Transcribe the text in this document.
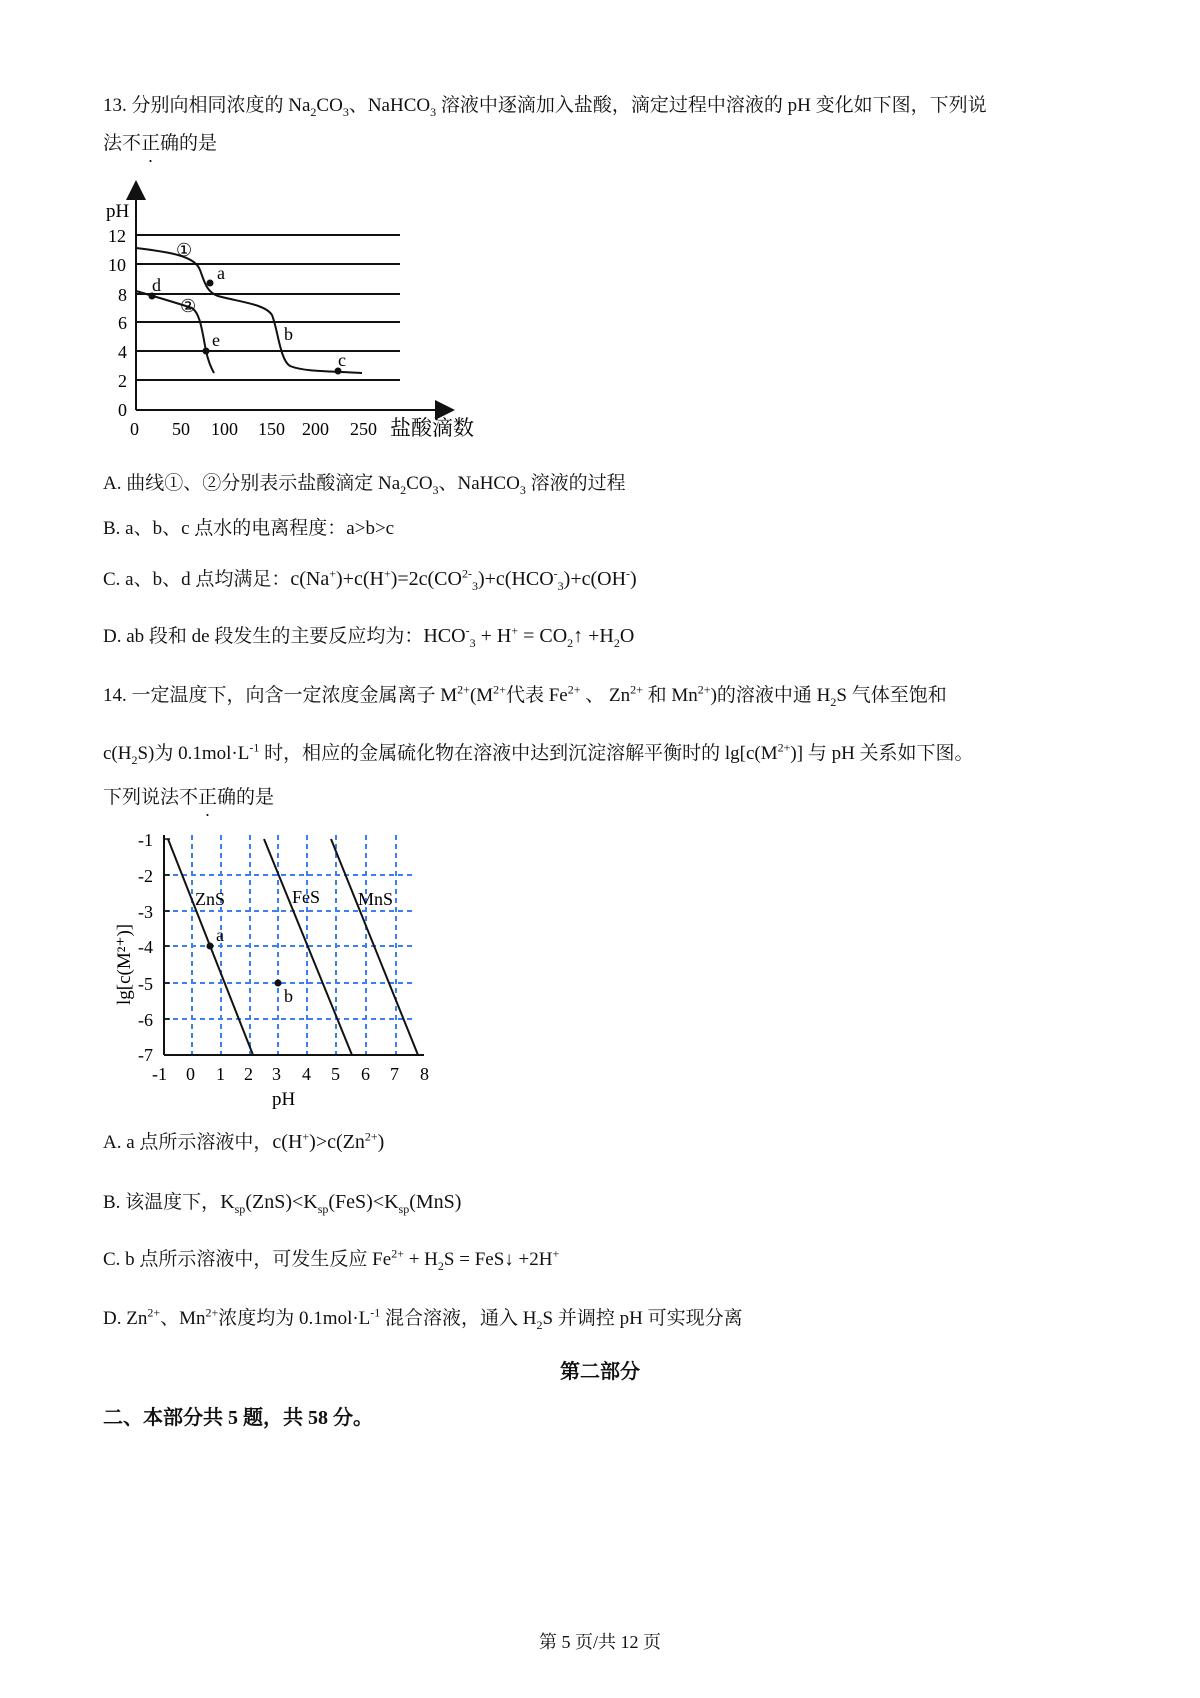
13. 分别向相同浓度的 $Na_2CO_3$、NaHCO$_3$ 溶液中逐滴加入盐酸，滴定过程中溶液的 pH 变化如下图，下列说
法不正确的是
pH
12
10
8
6
4
2
0
0 50 100 150 200 250 盐酸滴数
①
②
a
b
c
d
e
A. 曲线①、②分别表示盐酸滴定 $Na_2CO_3$、NaHCO$_3$ 溶液的过程
B. a、b、c 点水的电离程度：a>b>c
C. a、b、d 点均满足：$c(Na^+)+c(H^+)=2c(CO^{2-}_3)+c(HCO^-_3)+c(OH^-)$
D. ab 段和 de 段发生的主要反应均为：$HCO^-_3 + H^+$ = $CO_2↑ +H_2O$
14. 一定温度下，向含一定浓度金属离子 $M^{2+}(M^{2+}$代表 $Fe^{2+}$ 、 $Zn^{2+}$ 和 $Mn^{2+}$)的溶液中通 $H_2S$ 气体至饱和
$c(H_2S)$为 $0.1mol\cdot L^{-1}$ 时，相应的金属硫化物在溶液中达到沉淀溶解平衡时的 $\lg[c(M^{2+})]$ 与 pH 关系如下图。
下列说法不正确的是
-1
-2
-3
-4
-5
-6
-7
lg[c(M²⁺)]
-1 0 1 2 3 4 5 6 7 8
pH
ZnS	FeS MnS
a
b
A. a 点所示溶液中，$c(H^+)>c(Zn^{2+})$
B. 该温度下，$K_{sp}(ZnS)<K_{sp}(FeS)<K_{sp}(MnS)$
C. b 点所示溶液中，可发生反应 $Fe^{2+} + H_2S$ = FeS↓ +2H+
D. $Zn^{2+}$、$Mn^{2+}$浓度均为 $0.1mol\cdot L^{-1}$ 混合溶液，通入 $H_2S$ 并调控 pH 可实现分离
第二部分
二、本部分共 5 题，共 58 分。
第 5 页/共 12 页
